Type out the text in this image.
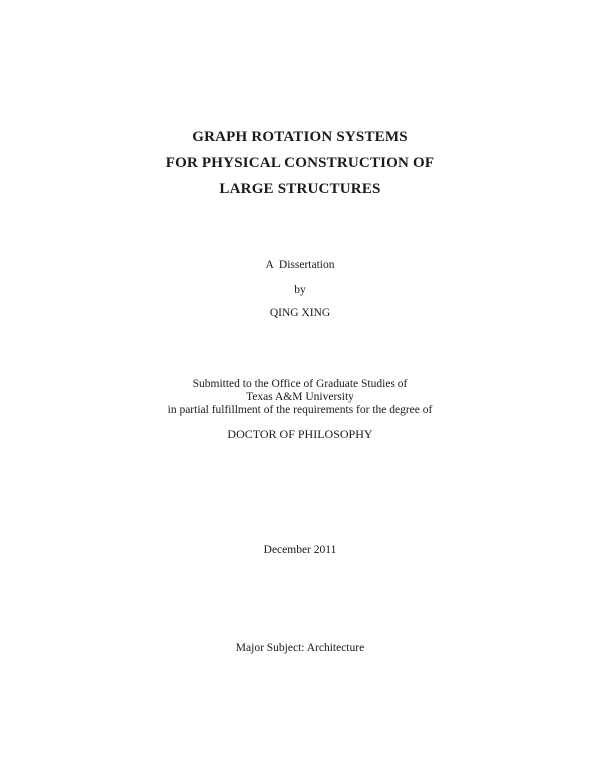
GRAPH ROTATION SYSTEMS
FOR PHYSICAL CONSTRUCTION OF
LARGE STRUCTURES
A  Dissertation
by
QING XING
Submitted to the Office of Graduate Studies of
Texas A&M University
in partial fulfillment of the requirements for the degree of
DOCTOR OF PHILOSOPHY
December 2011
Major Subject: Architecture
